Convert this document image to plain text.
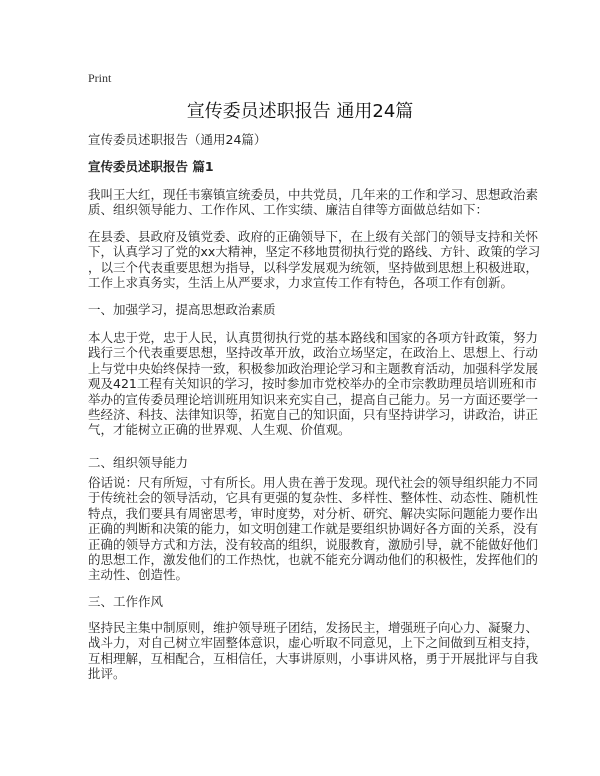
Print
宣传委员述职报告 通用24篇
宣传委员述职报告（通用24篇）
宣传委员述职报告 篇1
我叫王大红，现任韦寨镇宣统委员，中共党员，几年来的工作和学习、思想政治素
质、组织领导能力、工作作风、工作实绩、廉洁自律等方面做总结如下：
在县委、县政府及镇党委、政府的正确领导下，在上级有关部门的领导支持和关怀
下，认真学习了党的xx大精神，坚定不移地贯彻执行党的路线、方针、政策的学习
，以三个代表重要思想为指导，以科学发展观为统领，坚持做到思想上积极进取，
工作上求真务实，生活上从严要求，力求宣传工作有特色，各项工作有创新。
一、加强学习，提高思想政治素质
本人忠于党，忠于人民，认真贯彻执行党的基本路线和国家的各项方针政策，努力
践行三个代表重要思想，坚持改革开放，政治立场坚定，在政治上、思想上、行动
上与党中央始终保持一致，积极参加政治理论学习和主题教育活动，加强科学发展
观及421工程有关知识的学习，按时参加市党校举办的全市宗教助理员培训班和市
举办的宣传委员理论培训班用知识来充实自己，提高自己能力。另一方面还要学一
些经济、科技、法律知识等，拓宽自己的知识面，只有坚持讲学习，讲政治，讲正
气，才能树立正确的世界观、人生观、价值观。
二、组织领导能力
俗话说：尺有所短，寸有所长。用人贵在善于发现。现代社会的领导组织能力不同
于传统社会的领导活动，它具有更强的复杂性、多样性、整体性、动态性、随机性
特点，我们要具有周密思考，审时度势，对分析、研究、解决实际问题能力要作出
正确的判断和决策的能力，如文明创建工作就是要组织协调好各方面的关系，没有
正确的领导方式和方法，没有较高的组织，说服教育，激励引导，就不能做好他们
的思想工作，激发他们的工作热忱，也就不能充分调动他们的积极性，发挥他们的
主动性、创造性。
三、工作作风
坚持民主集中制原则，维护领导班子团结，发扬民主，增强班子向心力、凝聚力、
战斗力，对自己树立牢固整体意识，虚心听取不同意见，上下之间做到互相支持，
互相理解，互相配合，互相信任，大事讲原则，小事讲风格，勇于开展批评与自我
批评。
